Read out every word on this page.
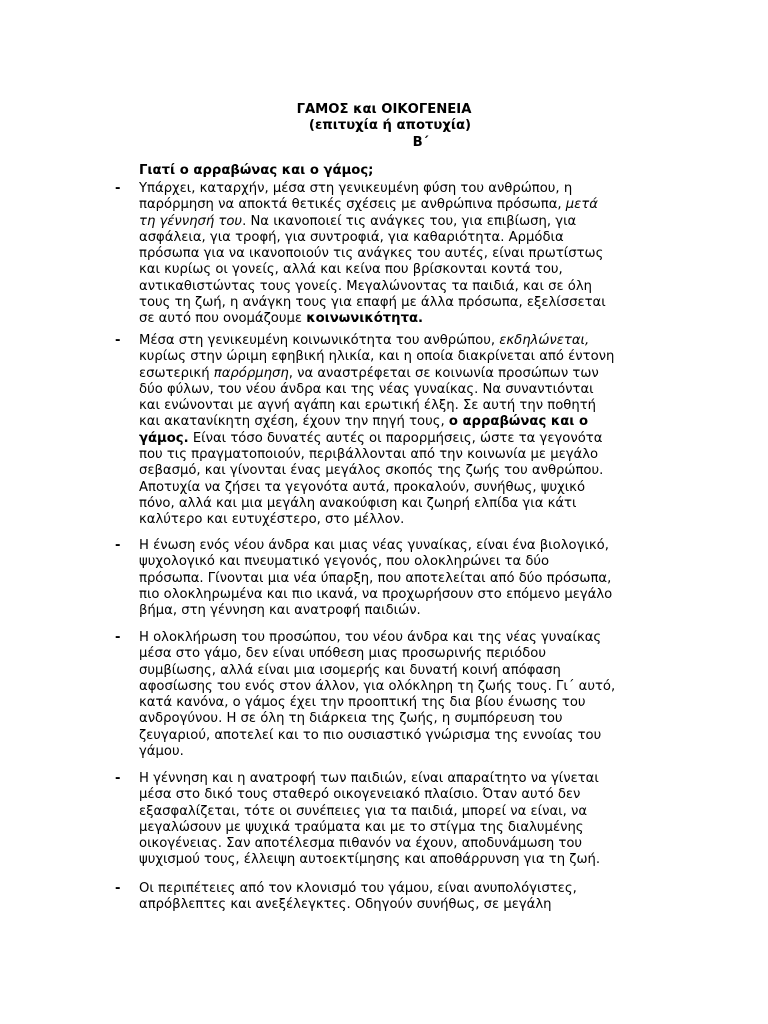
ΓΑΜΟΣ και ΟΙΚΟΓΕΝΕΙΑ
(επιτυχία ή αποτυχία)
Β΄
Γιατί ο αρραβώνας και ο γάμος;
- Υπάρχει, καταρχήν, μέσα στη γενικευμένη φύση του ανθρώπου, η
παρόρμηση να αποκτά θετικές σχέσεις με ανθρώπινα πρόσωπα, μετά
τη γέννησή του. Να ικανοποιεί τις ανάγκες του, για επιβίωση, για
ασφάλεια, για τροφή, για συντροφιά, για καθαριότητα. Αρμόδια
πρόσωπα για να ικανοποιούν τις ανάγκες του αυτές, είναι πρωτίστως
και κυρίως οι γονείς, αλλά και κείνα που βρίσκονται κοντά του,
αντικαθιστώντας τους γονείς. Μεγαλώνοντας τα παιδιά, και σε όλη
τους τη ζωή, η ανάγκη τους για επαφή με άλλα πρόσωπα, εξελίσσεται
σε αυτό που ονομάζουμε κοινωνικότητα.
- Μέσα στη γενικευμένη κοινωνικότητα του ανθρώπου, εκδηλώνεται,
κυρίως στην ώριμη εφηβική ηλικία, και η οποία διακρίνεται από έντονη
εσωτερική παρόρμηση, να αναστρέφεται σε κοινωνία προσώπων των
δύο φύλων, του νέου άνδρα και της νέας γυναίκας. Να συναντιόνται
και ενώνονται με αγνή αγάπη και ερωτική έλξη. Σε αυτή την ποθητή
και ακατανίκητη σχέση, έχουν την πηγή τους, ο αρραβώνας και ο
γάμος. Είναι τόσο δυνατές αυτές οι παρορμήσεις, ώστε τα γεγονότα
που τις πραγματοποιούν, περιβάλλονται από την κοινωνία με μεγάλο
σεβασμό, και γίνονται ένας μεγάλος σκοπός της ζωής του ανθρώπου.
Αποτυχία να ζήσει τα γεγονότα αυτά, προκαλούν, συνήθως, ψυχικό
πόνο, αλλά και μια μεγάλη ανακούφιση και ζωηρή ελπίδα για κάτι
καλύτερο και ευτυχέστερο, στο μέλλον.
- Η ένωση ενός νέου άνδρα και μιας νέας γυναίκας, είναι ένα βιολογικό,
ψυχολογικό και πνευματικό γεγονός, που ολοκληρώνει τα δύο
πρόσωπα. Γίνονται μια νέα ύπαρξη, που αποτελείται από δύο πρόσωπα,
πιο ολοκληρωμένα και πιο ικανά, να προχωρήσουν στο επόμενο μεγάλο
βήμα, στη γέννηση και ανατροφή παιδιών.
- Η ολοκλήρωση του προσώπου, του νέου άνδρα και της νέας γυναίκας
μέσα στο γάμο, δεν είναι υπόθεση μιας προσωρινής περιόδου
συμβίωσης, αλλά είναι μια ισομερής και δυνατή κοινή απόφαση
αφοσίωσης του ενός στον άλλον, για ολόκληρη τη ζωής τους. Γι΄ αυτό,
κατά κανόνα, ο γάμος έχει την προοπτική της δια βίου ένωσης του
ανδρογύνου. Η σε όλη τη διάρκεια της ζωής, η συμπόρευση του
ζευγαριού, αποτελεί και το πιο ουσιαστικό γνώρισμα της εννοίας του
γάμου.
- Η γέννηση και η ανατροφή των παιδιών, είναι απαραίτητο να γίνεται
μέσα στο δικό τους σταθερό οικογενειακό πλαίσιο. Όταν αυτό δεν
εξασφαλίζεται, τότε οι συνέπειες για τα παιδιά, μπορεί να είναι, να
μεγαλώσουν με ψυχικά τραύματα και με το στίγμα της διαλυμένης
οικογένειας. Σαν αποτέλεσμα πιθανόν να έχουν, αποδυνάμωση του
ψυχισμού τους, έλλειψη αυτοεκτίμησης και αποθάρρυνση για τη ζωή.
- Οι περιπέτειες από τον κλονισμό του γάμου, είναι ανυπολόγιστες,
απρόβλεπτες και ανεξέλεγκτες. Οδηγούν συνήθως, σε μεγάλη
